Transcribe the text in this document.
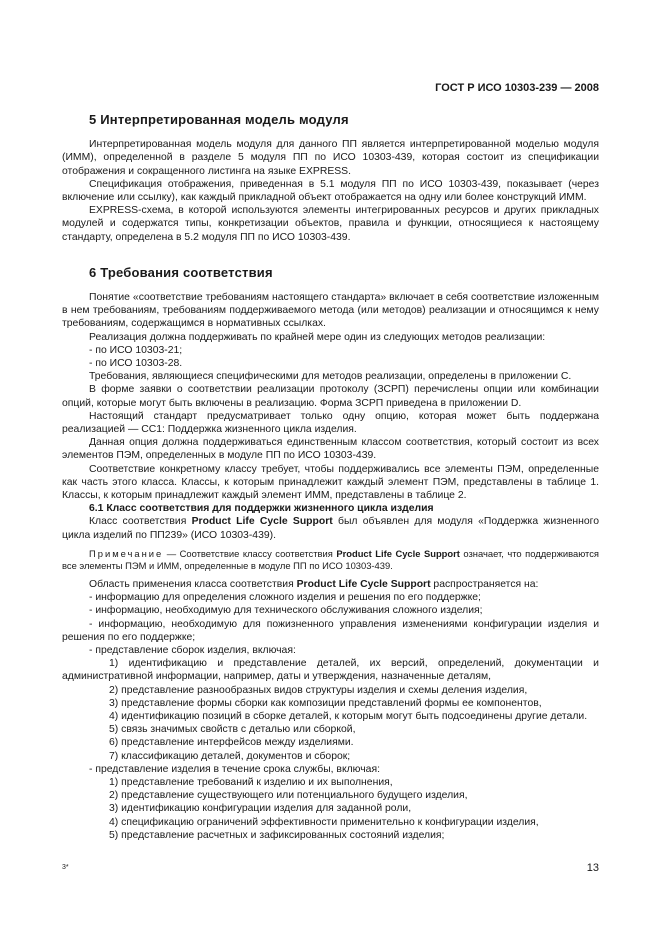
ГОСТ Р ИСО 10303-239 — 2008
5 Интерпретированная модель модуля

Интерпретированная модель модуля для данного ПП является интерпретированной моделью модуля (ИММ), определенной в разделе 5 модуля ПП по ИСО 10303-439, которая состоит из спецификации отображения и сокращенного листинга на языке EXPRESS.

Спецификация отображения, приведенная в 5.1 модуля ПП по ИСО 10303-439, показывает (через включение или ссылку), как каждый прикладной объект отображается на одну или более конструкций ИММ.

EXPRESS-схема, в которой используются элементы интегрированных ресурсов и других прикладных модулей и содержатся типы, конкретизации объектов, правила и функции, относящиеся к настоящему стандарту, определена в 5.2 модуля ПП по ИСО 10303-439.

6 Требования соответствия

Понятие «соответствие требованиям настоящего стандарта» включает в себя соответствие изложенным в нем требованиям, требованиям поддерживаемого метода (или методов) реализации и относящимся к нему требованиям, содержащимся в нормативных ссылках.

Реализация должна поддерживать по крайней мере один из следующих методов реализации:

- по ИСО 10303-21;

- по ИСО 10303-28.

Требования, являющиеся специфическими для методов реализации, определены в приложении С.

В форме заявки о соответствии реализации протоколу (ЗСРП) перечислены опции или комбинации опций, которые могут быть включены в реализацию. Форма ЗСРП приведена в приложении D.

Настоящий стандарт предусматривает только одну опцию, которая может быть поддержана реализацией — СС1: Поддержка жизненного цикла изделия.

Данная опция должна поддерживаться единственным классом соответствия, который состоит из всех элементов ПЭМ, определенных в модуле ПП по ИСО 10303-439.

Соответствие конкретному классу требует, чтобы поддерживались все элементы ПЭМ, определенные как часть этого класса. Классы, к которым принадлежит каждый элемент ПЭМ, представлены в таблице 1. Классы, к которым принадлежит каждый элемент ИММ, представлены в таблице 2.

6.1 Класс соответствия для поддержки жизненного цикла изделия

Класс соответствия Product Life Cycle Support был объявлен для модуля «Поддержка жизненного цикла изделий по ПП239» (ИСО 10303-439).

Примечание — Соответствие классу соответствия Product Life Cycle Support означает, что поддерживаются все элементы ПЭМ и ИММ, определенные в модуле ПП по ИСО 10303-439.

Область применения класса соответствия Product Life Cycle Support распространяется на:

- информацию для определения сложного изделия и решения по его поддержке;

- информацию, необходимую для технического обслуживания сложного изделия;

- информацию, необходимую для пожизненного управления изменениями конфигурации изделия и решения по его поддержке;

- представление сборок изделия, включая:

1) идентификацию и представление деталей, их версий, определений, документации и административной информации, например, даты и утверждения, назначенные деталям,

2) представление разнообразных видов структуры изделия и схемы деления изделия,

3) представление формы сборки как композиции представлений формы ее компонентов,

4) идентификацию позиций в сборке деталей, к которым могут быть подсоединены другие детали.

5) связь значимых свойств с деталью или сборкой,

6) представление интерфейсов между изделиями.

7) классификацию деталей, документов и сборок;

- представление изделия в течение срока службы, включая:

1) представление требований к изделию и их выполнения,

2) представление существующего или потенциального будущего изделия,

3) идентификацию конфигурации изделия для заданной роли,

4) спецификацию ограничений эффективности применительно к конфигурации изделия,

5) представление расчетных и зафиксированных состояний изделия;

3*	13
